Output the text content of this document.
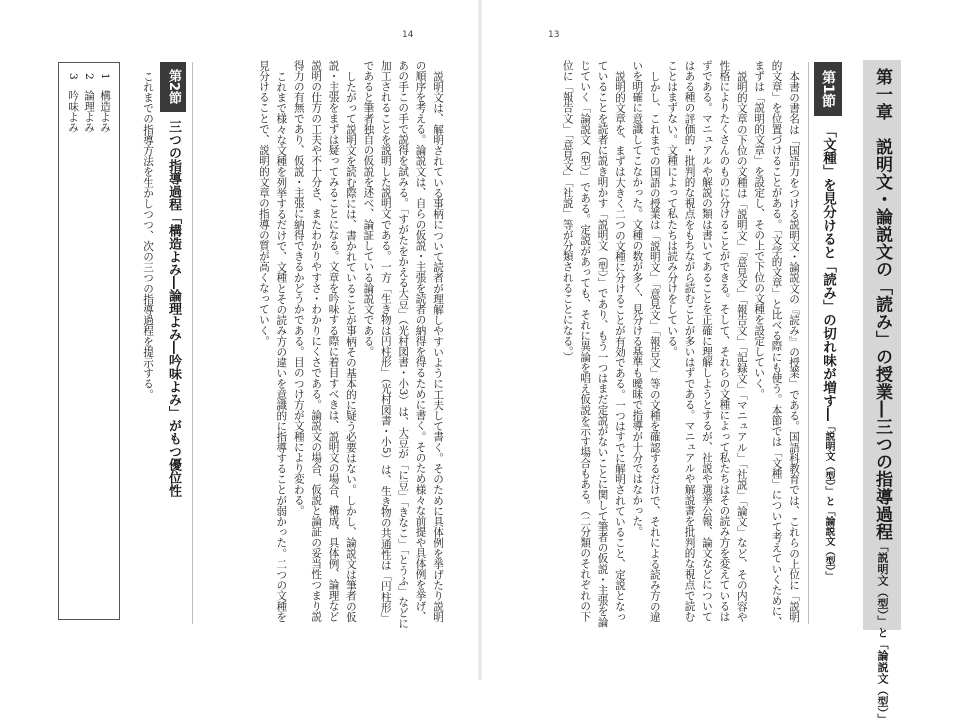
14	13
第一章　説明文・論説文の「読み」の授業―三つの指導過程「説明文（型）」と「論説文（型）」
第1節
「文種」を見分けると「読み」の切れ味が増す―「説明文（型）」と「論説文（型）」

本書の書名は「国語力をつける説明文・論説文の『読み』の授業」である。国語科教育では、これらの上位に「説明的文章」を位置づけることがある。「文学的文章」と比べる際にも使う。本節では「文種」について考えていくために、まずは「説明的文章」を設定し、その上で下位の文種を設定していく。

説明的文章の下位の文種は「説明文」「意見文」「報告文」「記録文」「マニュアル」「社説」「論文」など、その内容や性格によりたくさんのものに分けることができる。そして、それらの文種によって私たちはその読み方を変えているはずである。マニュアルや解説の類は書いてあることを正確に理解しようとするが、社説や選挙公報、論文などについてはある種の評価的・批判的な視点をもちながら読むことが多いはずである。マニュアルや解説書を批判的な視点で読むことはまずない。文種によって私たちは読み分けをしている。

しかし、これまでの国語の授業は「説明文」「意見文」「報告文」等の文種を確認するだけで、それによる読み方の違いを明確に意識してこなかった。文種の数が多く、見分ける基準も曖昧で指導が十分ではなかった。

説明的文章を、まずは大きく二つの文種に分けることが有効である。一つはすでに解明されていること、定説となっていることを読者に説き明かす「説明文（型）」であり、もう一つはまだ定説がないことに関して筆者の仮説・主張を論じていく「論説文（型）」である。定説があっても、それに異論を唱え仮説を示す場合もある。（二分類のそれぞれの下位に「報告文」「意見文」「社説」等が分類されることになる。）

説明文は、解明されている事柄について読者が理解しやすいように工夫して書く。そのために具体例を挙げたり説明の順序を考える。論説文は、自らの仮説・主張を読者の納得を得るために書く。そのため様々な前提や具体例を挙げ、あの手この手で説得を試みる。「すがたをかえる大豆」（光村図書・小3）は、大豆が「に豆」「きなこ」「とうふ」などに加工されることを説明した説明文である。一方「生き物は円柱形」（光村図書・小5）は、生き物の共通性は「円柱形」であると筆者独自の仮説を述べ、論証している論説文である。

したがって説明文を読む際には、書かれていることが事柄その基本的に疑う必要はない。しかし、論説文は筆者の仮説・主張をまずは疑ってみることになる。文章を吟味する際に着目すべきは、説明文の場合、構成、具体例、論理など説明の仕方の工夫や不十分さ、またわかりやすさ・わかりにくさである。論説文の場合、仮説と論証の妥当性つまり説得力の有無であり、仮説・主張に納得できるかどうかである。目のつけ方が文種により変わる。

これまで様々な文種を列挙するだけで、文種とその読み方の違いを意識的に指導することが弱かった。二つの文種を見分けることで、説明的文章の指導の質が高くなっていく。

第2節
三つの指導過程「構造よみ―論理よみ―吟味よみ」がもつ優位性

これまでの指導方法を生かしつつ、次の三つの指導過程を提示する。

1　構造よみ
2　論理よみ
3　吟味よみ
